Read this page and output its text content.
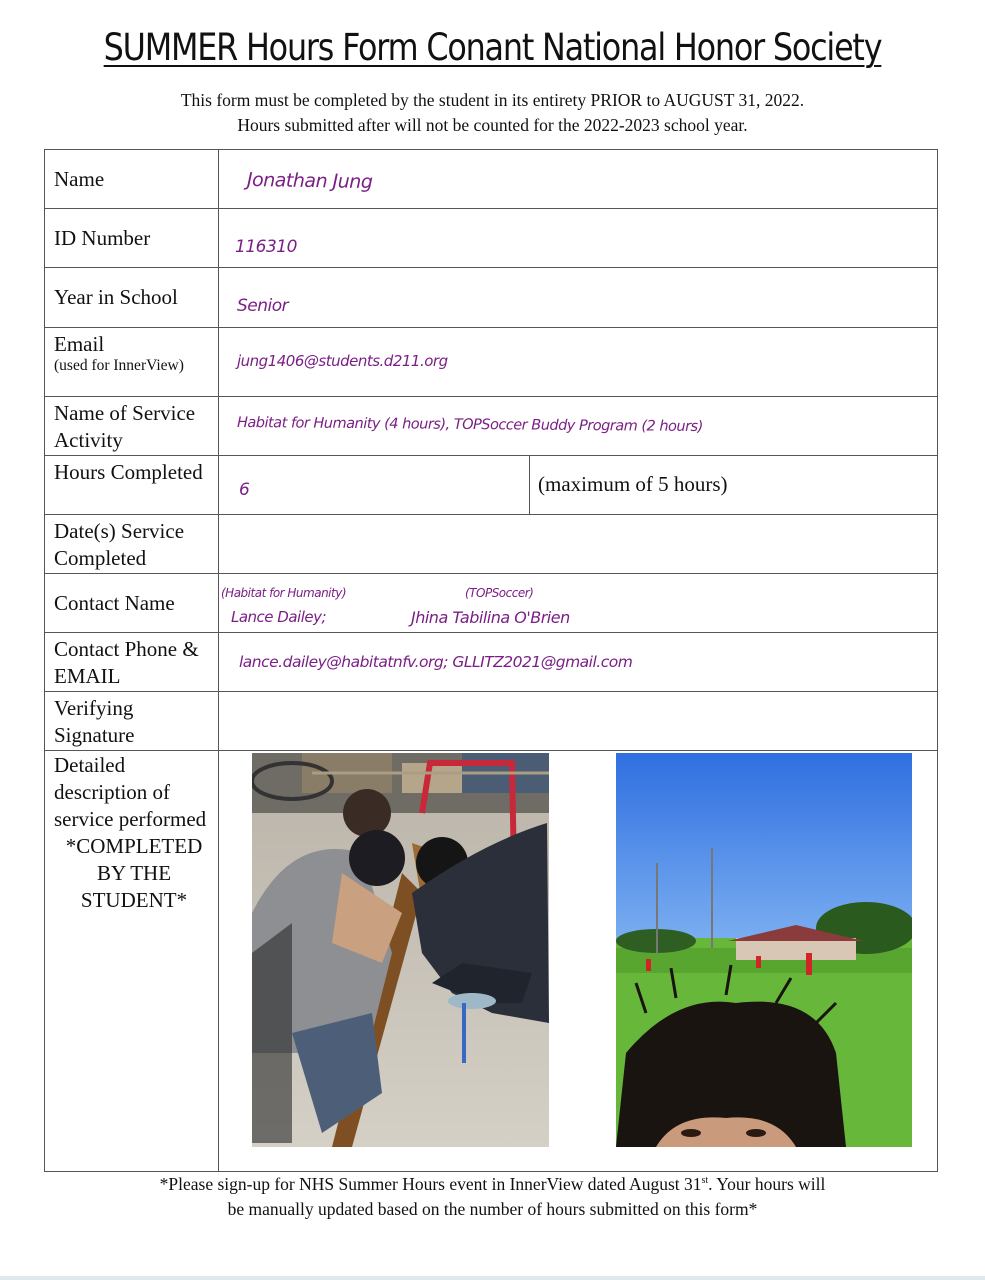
SUMMER Hours Form Conant National Honor Society
This form must be completed by the student in its entirety PRIOR to AUGUST 31, 2022.
Hours submitted after will not be counted for the 2022-2023 school year.
Name	Jonathan Jung	

ID Number	116310	

Year in School	Senior	

Email
(used for InnerView)	jung1406@students.d211.org	

Name of Service Activity	Habitat for Humanity (4 hours), TOPSoccer Buddy Program (2 hours)	

Hours Completed	6	(maximum of 5 hours)

Date(s) Service Completed		
Contact Name	(Habitat for Humanity) (TOPSoccer)
Lance Dailey; Jhina Tabilina O'Brien	

Contact Phone & EMAIL	lance.dailey@habitatnfv.org; GLLITZ2021@gmail.com	

Verifying Signature		
Detailed description of service performed
*COMPLETED BY THE STUDENT*

*Please sign-up for NHS Summer Hours event in InnerView dated August 31st. Your hours will
be manually updated based on the number of hours submitted on this form*
